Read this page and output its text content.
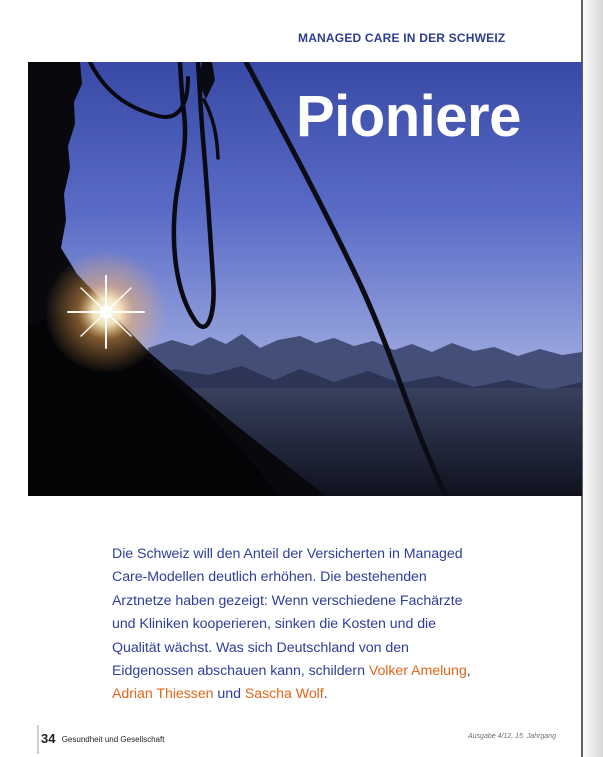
MANAGED CARE IN DER SCHWEIZ
Pioniere

Die Schweiz will den Anteil der Versicherten in Managed Care-Modellen deutlich erhöhen. Die bestehenden Arztnetze haben gezeigt: Wenn verschiedene Fachärzte und Kliniken kooperieren, sinken die Kosten und die Qualität wächst. Was sich Deutschland von den Eidgenossen abschauen kann, schildern Volker Amelung, Adrian Thiessen und Sascha Wolf.

34 Gesundheit und Gesellschaft	Ausgabe 4/12, 15. Jahrgang
